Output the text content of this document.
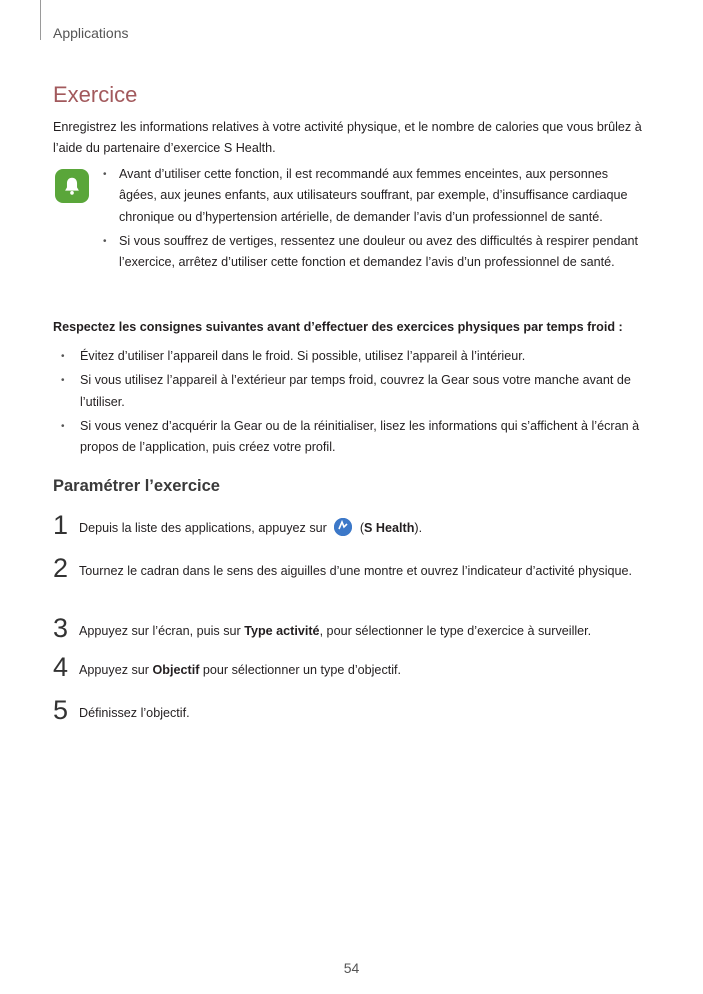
Applications
Exercice
Enregistrez les informations relatives à votre activité physique, et le nombre de calories que vous brûlez à l’aide du partenaire d’exercice S Health.
• Avant d’utiliser cette fonction, il est recommandé aux femmes enceintes, aux personnes âgées, aux jeunes enfants, aux utilisateurs souffrant, par exemple, d’insuffisance cardiaque chronique ou d’hypertension artérielle, de demander l’avis d’un professionnel de santé.
• Si vous souffrez de vertiges, ressentez une douleur ou avez des difficultés à respirer pendant l’exercice, arrêtez d’utiliser cette fonction et demandez l’avis d’un professionnel de santé.
Respectez les consignes suivantes avant d’effectuer des exercices physiques par temps froid :
• Évitez d’utiliser l’appareil dans le froid. Si possible, utilisez l’appareil à l’intérieur.
• Si vous utilisez l’appareil à l’extérieur par temps froid, couvrez la Gear sous votre manche avant de l’utiliser.
• Si vous venez d’acquérir la Gear ou de la réinitialiser, lisez les informations qui s’affichent à l’écran à propos de l’application, puis créez votre profil.
Paramétrer l’exercice
1 Depuis la liste des applications, appuyez sur  (S Health).
2 Tournez le cadran dans le sens des aiguilles d’une montre et ouvrez l’indicateur d’activité physique.
3 Appuyez sur l’écran, puis sur Type activité, pour sélectionner le type d’exercice à surveiller.
4 Appuyez sur Objectif pour sélectionner un type d’objectif.
5 Définissez l’objectif.
54
